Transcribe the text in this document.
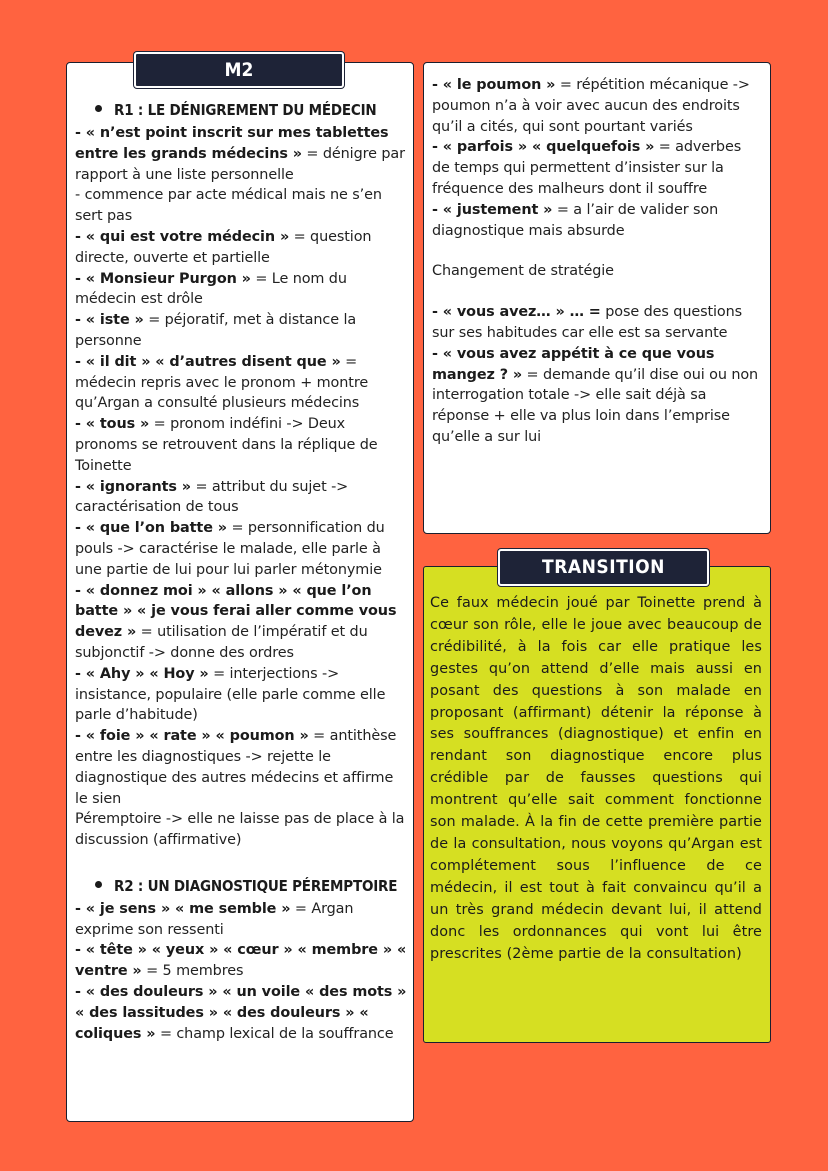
R1 : LE DÉNIGREMENT DU MÉDECIN
- « n’est point inscrit sur mes tablettes entre les grands médecins » = dénigre par rapport à une liste personnelle
- commence par acte médical mais ne s’en sert pas
- « qui est votre médecin » = question directe, ouverte et partielle
- « Monsieur Purgon » = Le nom du médecin est drôle
- « iste » = péjoratif, met à distance la personne
- « il dit » « d’autres disent que » = médecin repris avec le pronom + montre qu’Argan a consulté plusieurs médecins
- « tous » = pronom indéfini -> Deux pronoms se retrouvent dans la réplique de Toinette
- « ignorants » = attribut du sujet -> caractérisation de tous
- « que l’on batte » = personnification du pouls -> caractérise le malade, elle parle à une partie de lui pour lui parler métonymie
- « donnez moi » « allons » « que l’on batte » « je vous ferai aller comme vous devez » = utilisation de l’impératif et du subjonctif -> donne des ordres
- « Ahy » « Hoy » = interjections -> insistance, populaire (elle parle comme elle parle d’habitude)
- « foie » « rate » « poumon » = antithèse entre les diagnostiques -> rejette le diagnostique des autres médecins et affirme le sien
Péremptoire -> elle ne laisse pas de place à la discussion (affirmative)
R2 : UN DIAGNOSTIQUE PÉREMPTOIRE
- « je sens » « me semble » = Argan exprime son ressenti
- « tête » « yeux » « cœur » « membre » « ventre » = 5 membres
- « des douleurs » « un voile « des mots » « des lassitudes » « des douleurs » « coliques » = champ lexical de la souffrance
M2
- « le poumon » = répétition mécanique -> poumon n’a à voir avec aucun des endroits qu’il a cités, qui sont pourtant variés
- « parfois » « quelquefois » = adverbes de temps qui permettent d’insister sur la fréquence des malheurs dont il souffre
- « justement » = a l’air de valider son diagnostique mais absurde
Changement de stratégie
- « vous avez… » … = pose des questions sur ses habitudes car elle est sa servante
- « vous avez appétit à ce que vous mangez ? » = demande qu’il dise oui ou non interrogation totale -> elle sait déjà sa réponse + elle va plus loin dans l’emprise qu’elle a sur lui
Ce faux médecin joué par Toinette prend à cœur son rôle, elle le joue avec beaucoup de crédibilité, à la fois car elle pratique les gestes qu’on attend d’elle mais aussi en posant des questions à son malade en proposant (affirmant) détenir la réponse à ses souffrances (diagnostique) et enfin en rendant son diagnostique encore plus crédible par de fausses questions qui montrent qu’elle sait comment fonctionne son malade. À la fin de cette première partie de la consultation, nous voyons qu’Argan est complétement sous l’influence de ce médecin, il est tout à fait convaincu qu’il a un très grand médecin devant lui, il attend donc les ordonnances qui vont lui être prescrites (2ème partie de la consultation)
TRANSITION
